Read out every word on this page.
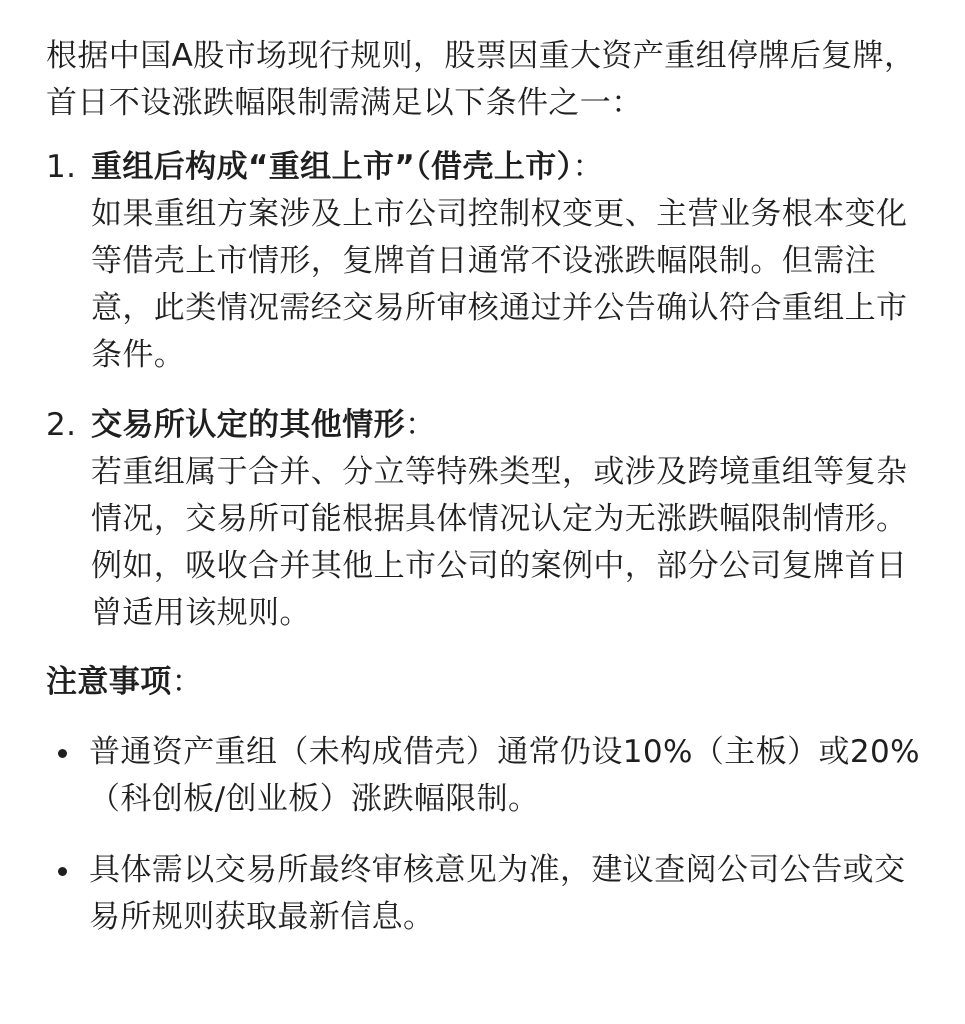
根据中国A股市场现行规则，股票因重大资产重组停牌后复牌，首日不设涨跌幅限制需满足以下条件之一：

1. 重组后构成“重组上市”（借壳上市）：
如果重组方案涉及上市公司控制权变更、主营业务根本变化等借壳上市情形，复牌首日通常不设涨跌幅限制。但需注意，此类情况需经交易所审核通过并公告确认符合重组上市条件。
2. 交易所认定的其他情形：
若重组属于合并、分立等特殊类型，或涉及跨境重组等复杂情况，交易所可能根据具体情况认定为无涨跌幅限制情形。例如，吸收合并其他上市公司的案例中，部分公司复牌首日曾适用该规则。
注意事项：
普通资产重组（未构成借壳）通常仍设10%（主板）或20%（科创板/创业板）涨跌幅限制。
具体需以交易所最终审核意见为准，建议查阅公司公告或交易所规则获取最新信息。
